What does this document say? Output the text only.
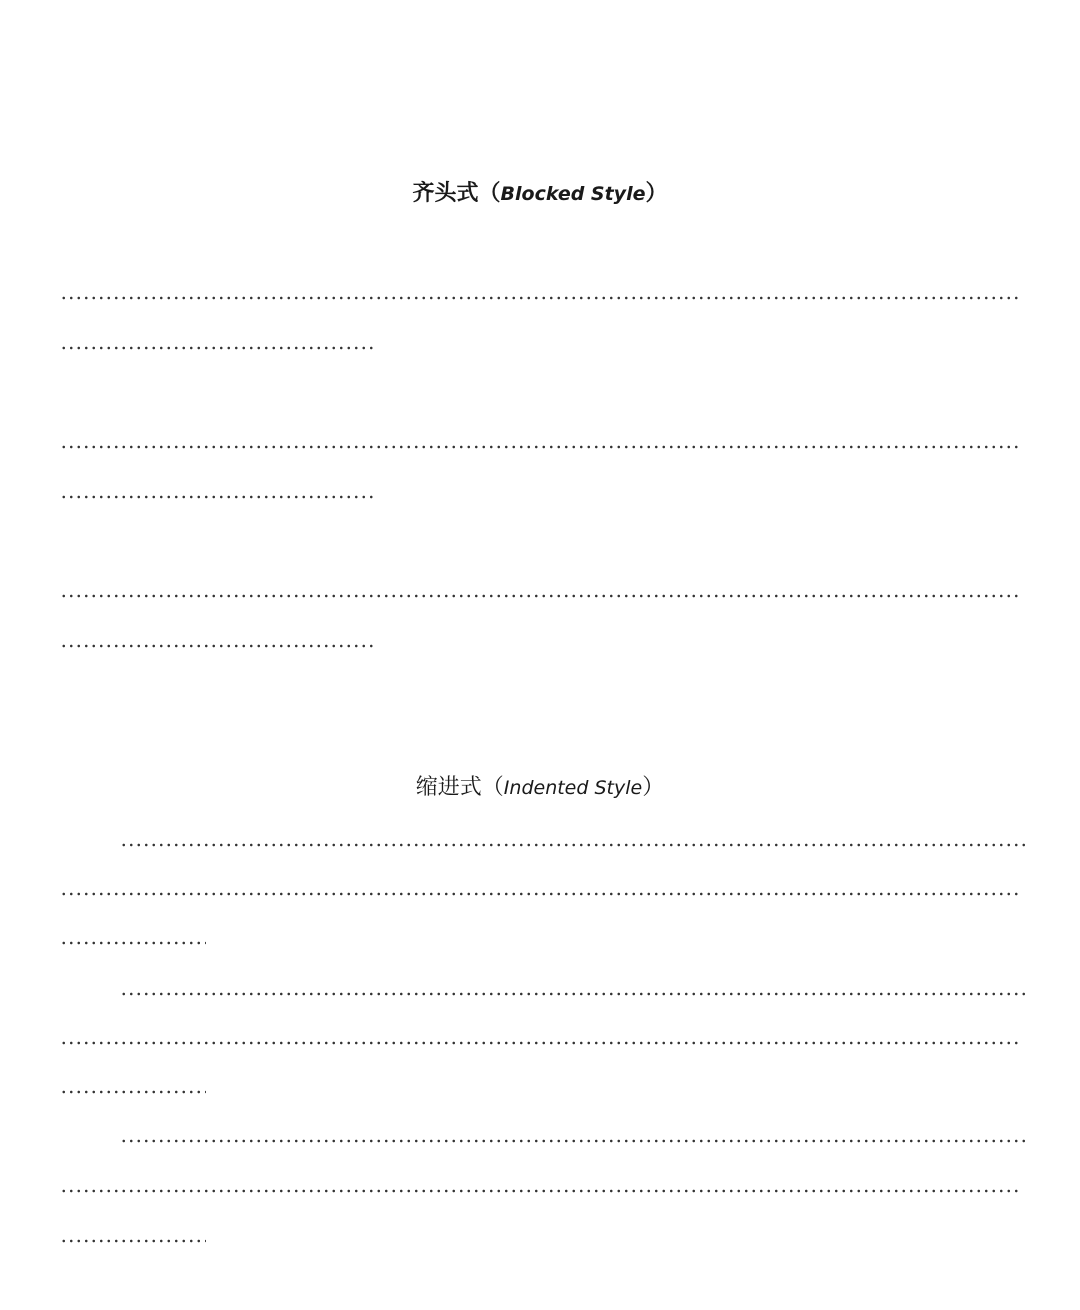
齐头式（Blocked Style）
缩进式（Indented Style）
